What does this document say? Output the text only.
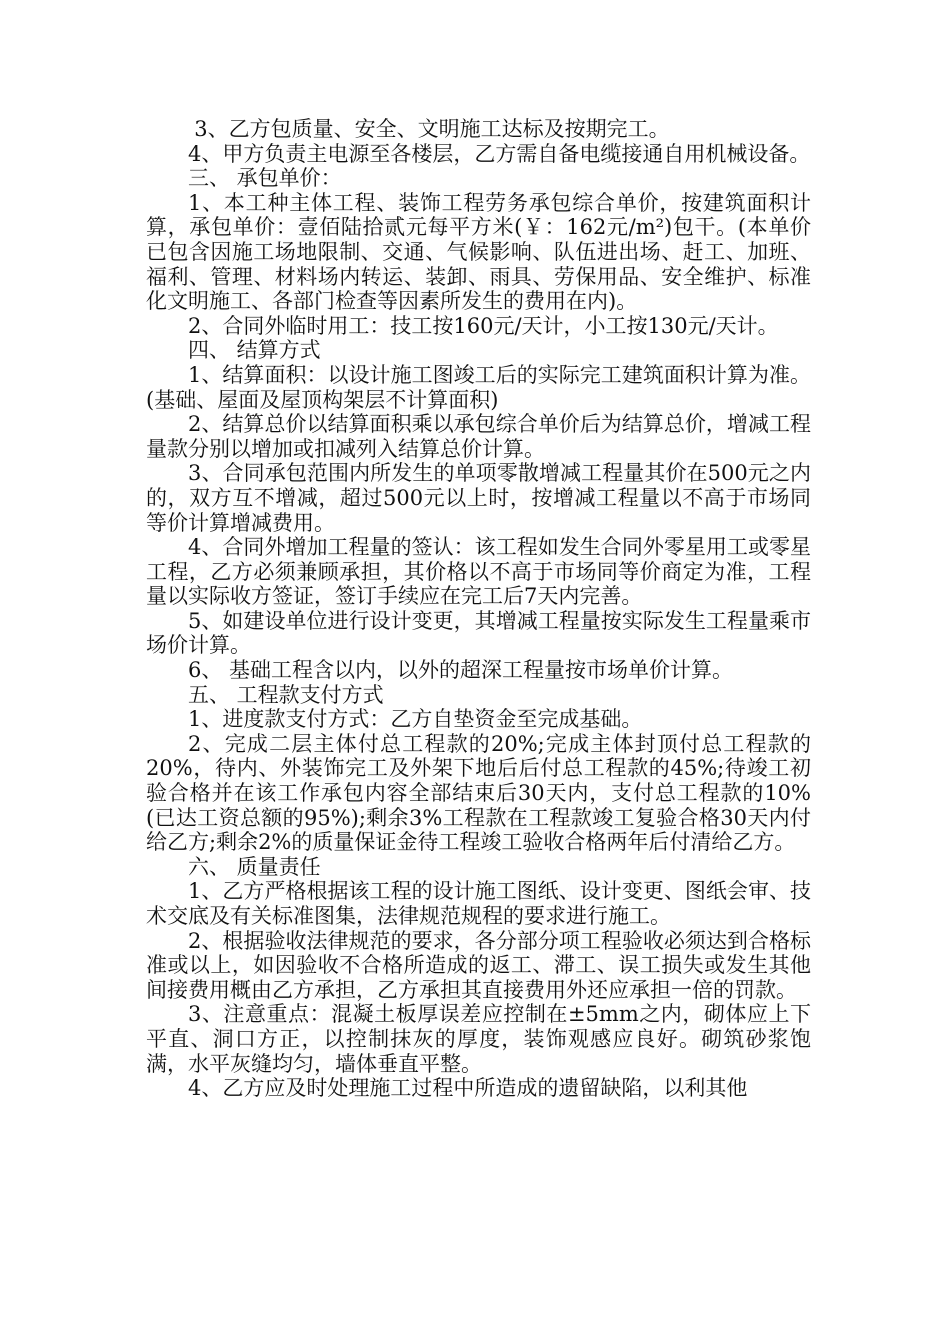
3、乙方包质量、安全、文明施工达标及按期完工。

4、甲方负责主电源至各楼层，乙方需自备电缆接通自用机械设备。

三、 承包单价：

1、本工种主体工程、装饰工程劳务承包综合单价，按建筑面积计算，承包单价：壹佰陆拾贰元每平方米(￥：162元/m²)包干。(本单价已包含因施工场地限制、交通、气候影响、队伍进出场、赶工、加班、福利、管理、材料场内转运、装卸、雨具、劳保用品、安全维护、标准化文明施工、各部门检查等因素所发生的费用在内)。

2、合同外临时用工：技工按160元/天计，小工按130元/天计。

四、 结算方式

1、结算面积：以设计施工图竣工后的实际完工建筑面积计算为准。(基础、屋面及屋顶构架层不计算面积)

2、结算总价以结算面积乘以承包综合单价后为结算总价，增减工程量款分别以增加或扣减列入结算总价计算。

3、合同承包范围内所发生的单项零散增减工程量其价在500元之内的，双方互不增减，超过500元以上时，按增减工程量以不高于市场同等价计算增减费用。

4、合同外增加工程量的签认：该工程如发生合同外零星用工或零星工程，乙方必须兼顾承担，其价格以不高于市场同等价商定为准，工程量以实际收方签证，签订手续应在完工后7天内完善。

5、如建设单位进行设计变更，其增减工程量按实际发生工程量乘市场价计算。

6、 基础工程含以内，以外的超深工程量按市场单价计算。

五、 工程款支付方式

1、进度款支付方式：乙方自垫资金至完成基础。

2、完成二层主体付总工程款的20%;完成主体封顶付总工程款的20%，待内、外装饰完工及外架下地后后付总工程款的45%;待竣工初验合格并在该工作承包内容全部结束后30天内，支付总工程款的10%(已达工资总额的95%);剩余3%工程款在工程款竣工复验合格30天内付给乙方;剩余2%的质量保证金待工程竣工验收合格两年后付清给乙方。

六、 质量责任

1、乙方严格根据该工程的设计施工图纸、设计变更、图纸会审、技术交底及有关标准图集，法律规范规程的要求进行施工。

2、根据验收法律规范的要求，各分部分项工程验收必须达到合格标准或以上，如因验收不合格所造成的返工、滞工、误工损失或发生其他间接费用概由乙方承担，乙方承担其直接费用外还应承担一倍的罚款。

3、注意重点：混凝土板厚误差应控制在±5mm之内，砌体应上下平直、洞口方正，以控制抹灰的厚度，装饰观感应良好。砌筑砂浆饱满，水平灰缝均匀，墙体垂直平整。

4、乙方应及时处理施工过程中所造成的遗留缺陷，以利其他
